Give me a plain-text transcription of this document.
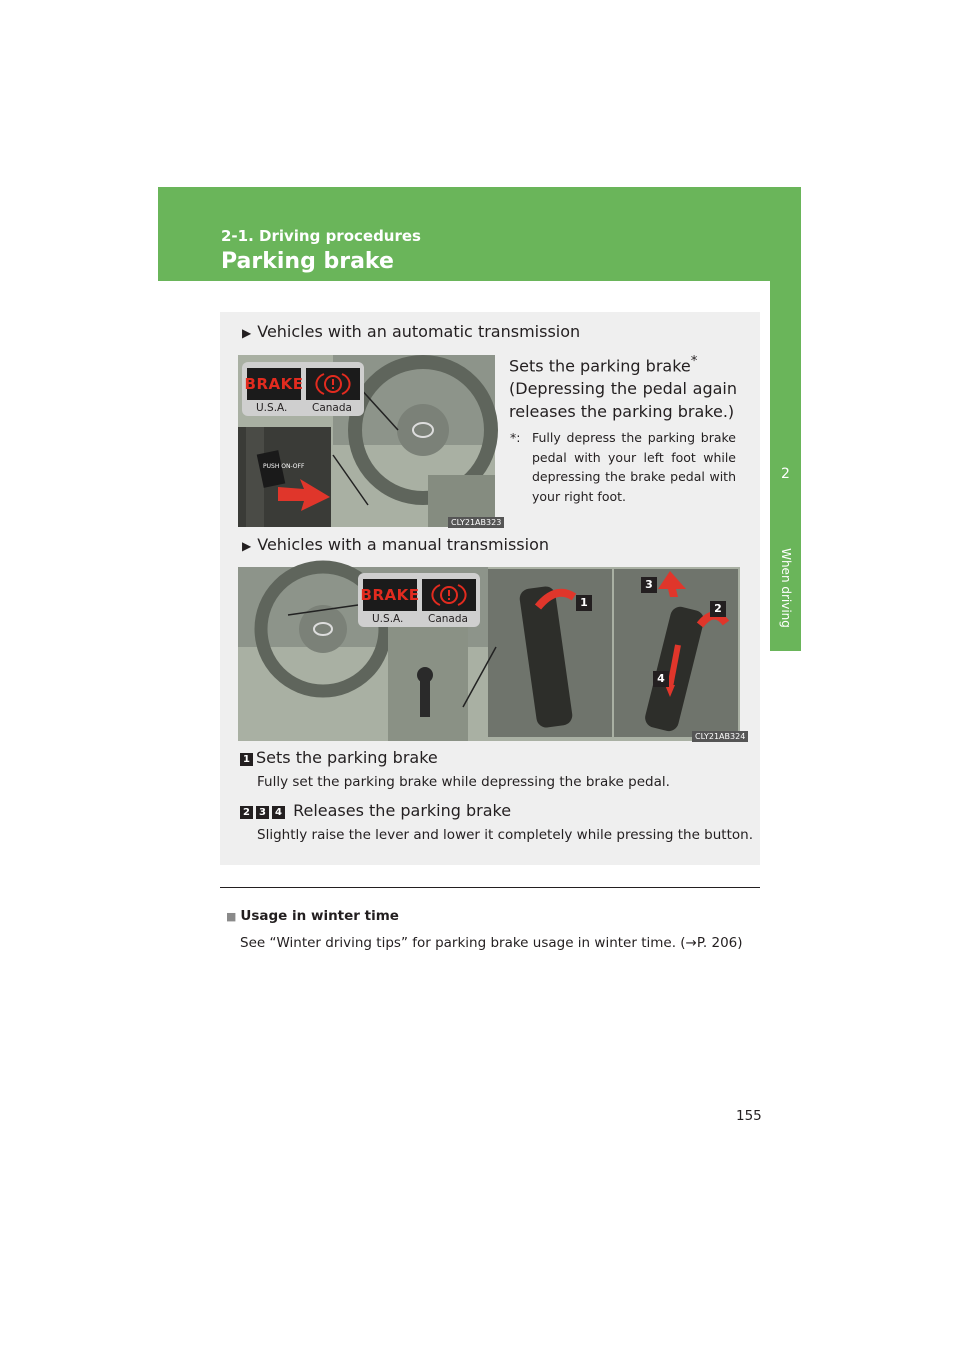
2-1. Driving procedures
Parking brake
2
When driving
▶ Vehicles with an automatic transmission
PUSH ON-OFF
BRAKE
U.S.A. Canada
CLY21AB323
Sets the parking brake*
(Depressing the pedal again releases the parking brake.)
*: Fully depress the parking brake pedal with your left foot while depressing the brake pedal with your right foot.
▶ Vehicles with a manual transmission
1	2
3
4
BRAKE
U.S.A. Canada
CLY21AB324
1 Sets the parking brake
Fully set the parking brake while depressing the brake pedal.
2 3 4 Releases the parking brake
Slightly raise the lever and lower it completely while pressing the button.
■ Usage in winter time
See “Winter driving tips” for parking brake usage in winter time. (→P. 206)
155
